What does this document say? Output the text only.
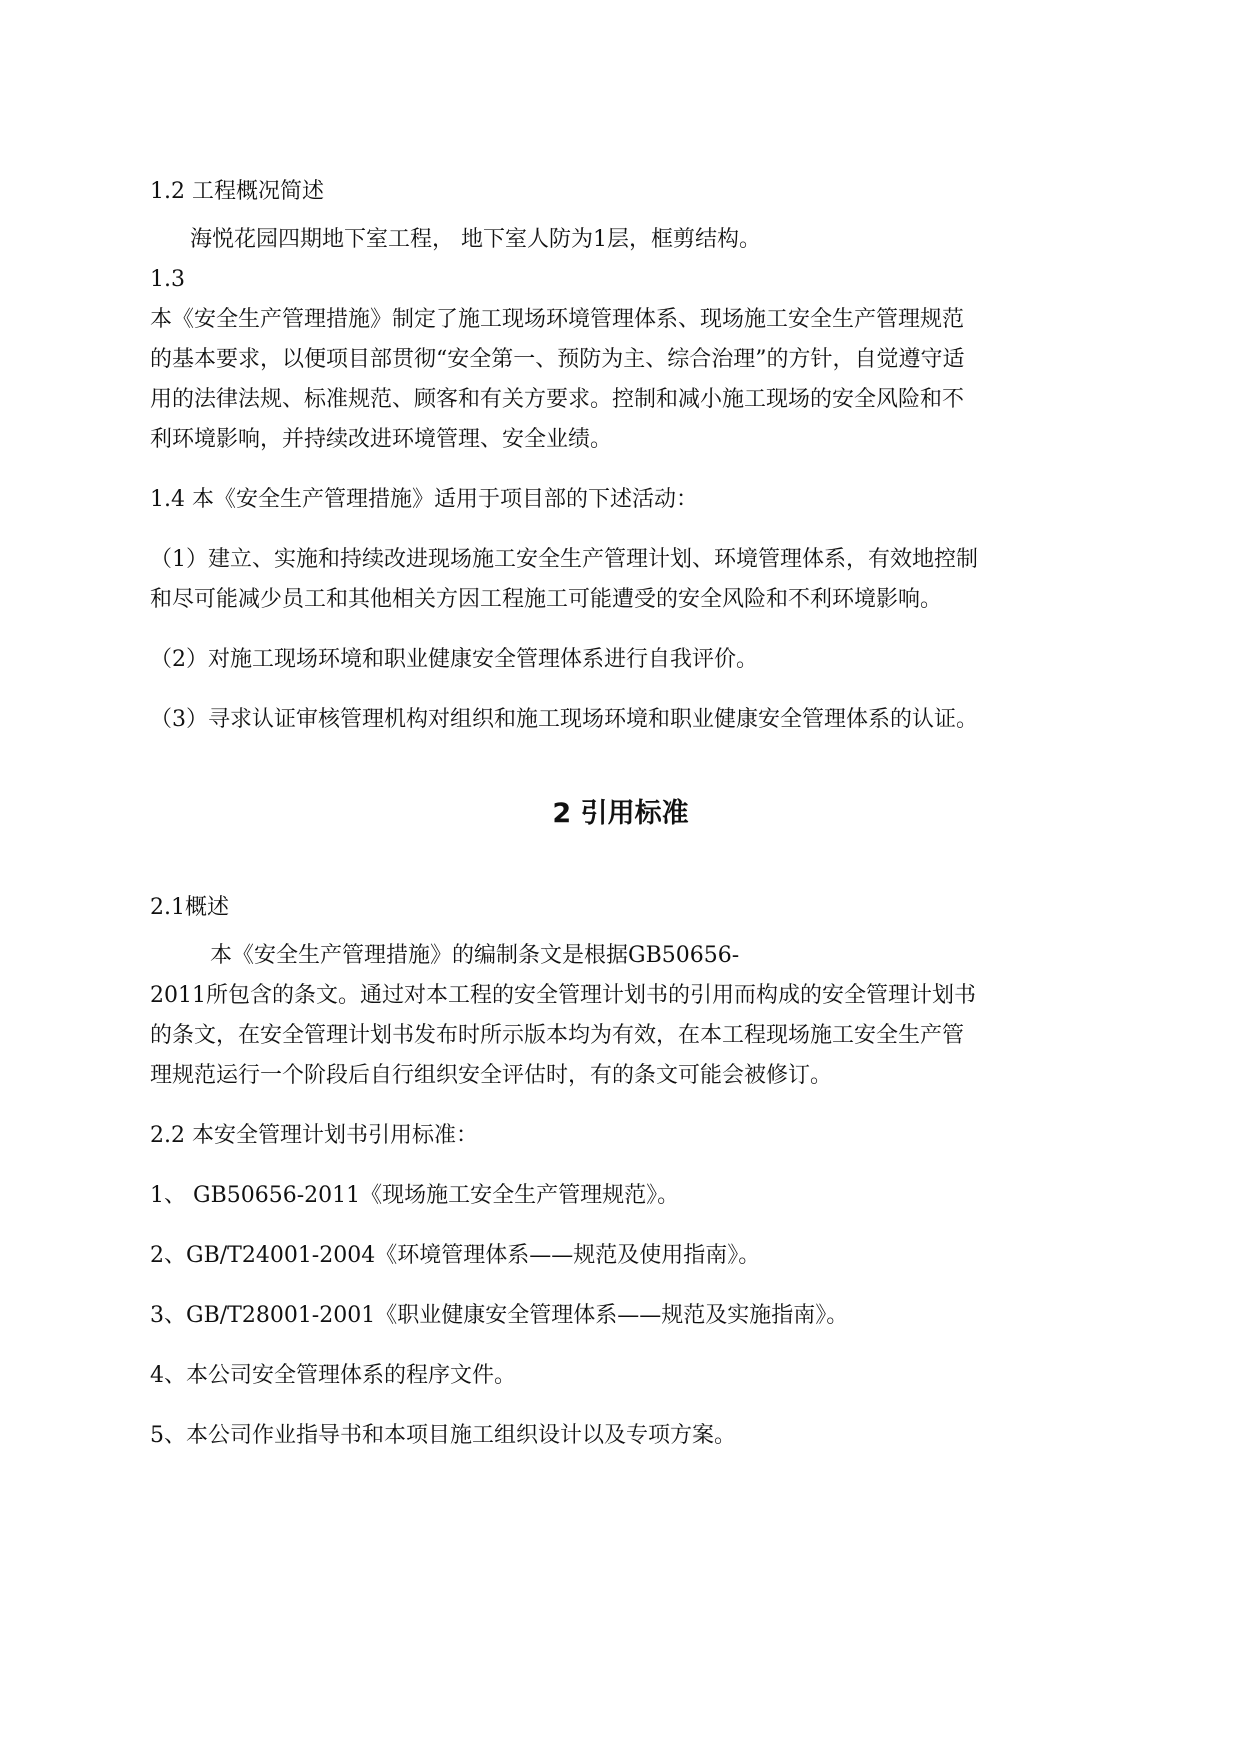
1.2 工程概况简述

海悦花园四期地下室工程， 地下室人防为1层，框剪结构。

1.3

本《安全生产管理措施》制定了施工现场环境管理体系、现场施工安全生产管理规范

的基本要求，以便项目部贯彻“安全第一、预防为主、综合治理”的方针，自觉遵守适

用的法律法规、标准规范、顾客和有关方要求。控制和减小施工现场的安全风险和不

利环境影响，并持续改进环境管理、安全业绩。

1.4 本《安全生产管理措施》适用于项目部的下述活动：

（1）建立、实施和持续改进现场施工安全生产管理计划、环境管理体系，有效地控制

和尽可能减少员工和其他相关方因工程施工可能遭受的安全风险和不利环境影响。

（2）对施工现场环境和职业健康安全管理体系进行自我评价。

（3）寻求认证审核管理机构对组织和施工现场环境和职业健康安全管理体系的认证。

2 引用标准

2.1概述

本《安全生产管理措施》的编制条文是根据GB50656-

2011所包含的条文。通过对本工程的安全管理计划书的引用而构成的安全管理计划书

的条文，在安全管理计划书发布时所示版本均为有效，在本工程现场施工安全生产管

理规范运行一个阶段后自行组织安全评估时，有的条文可能会被修订。

2.2 本安全管理计划书引用标准：

1、 GB50656-2011《现场施工安全生产管理规范》。

2、GB/T24001-2004《环境管理体系——规范及使用指南》。

3、GB/T28001-2001《职业健康安全管理体系——规范及实施指南》。

4、本公司安全管理体系的程序文件。

5、本公司作业指导书和本项目施工组织设计以及专项方案。
